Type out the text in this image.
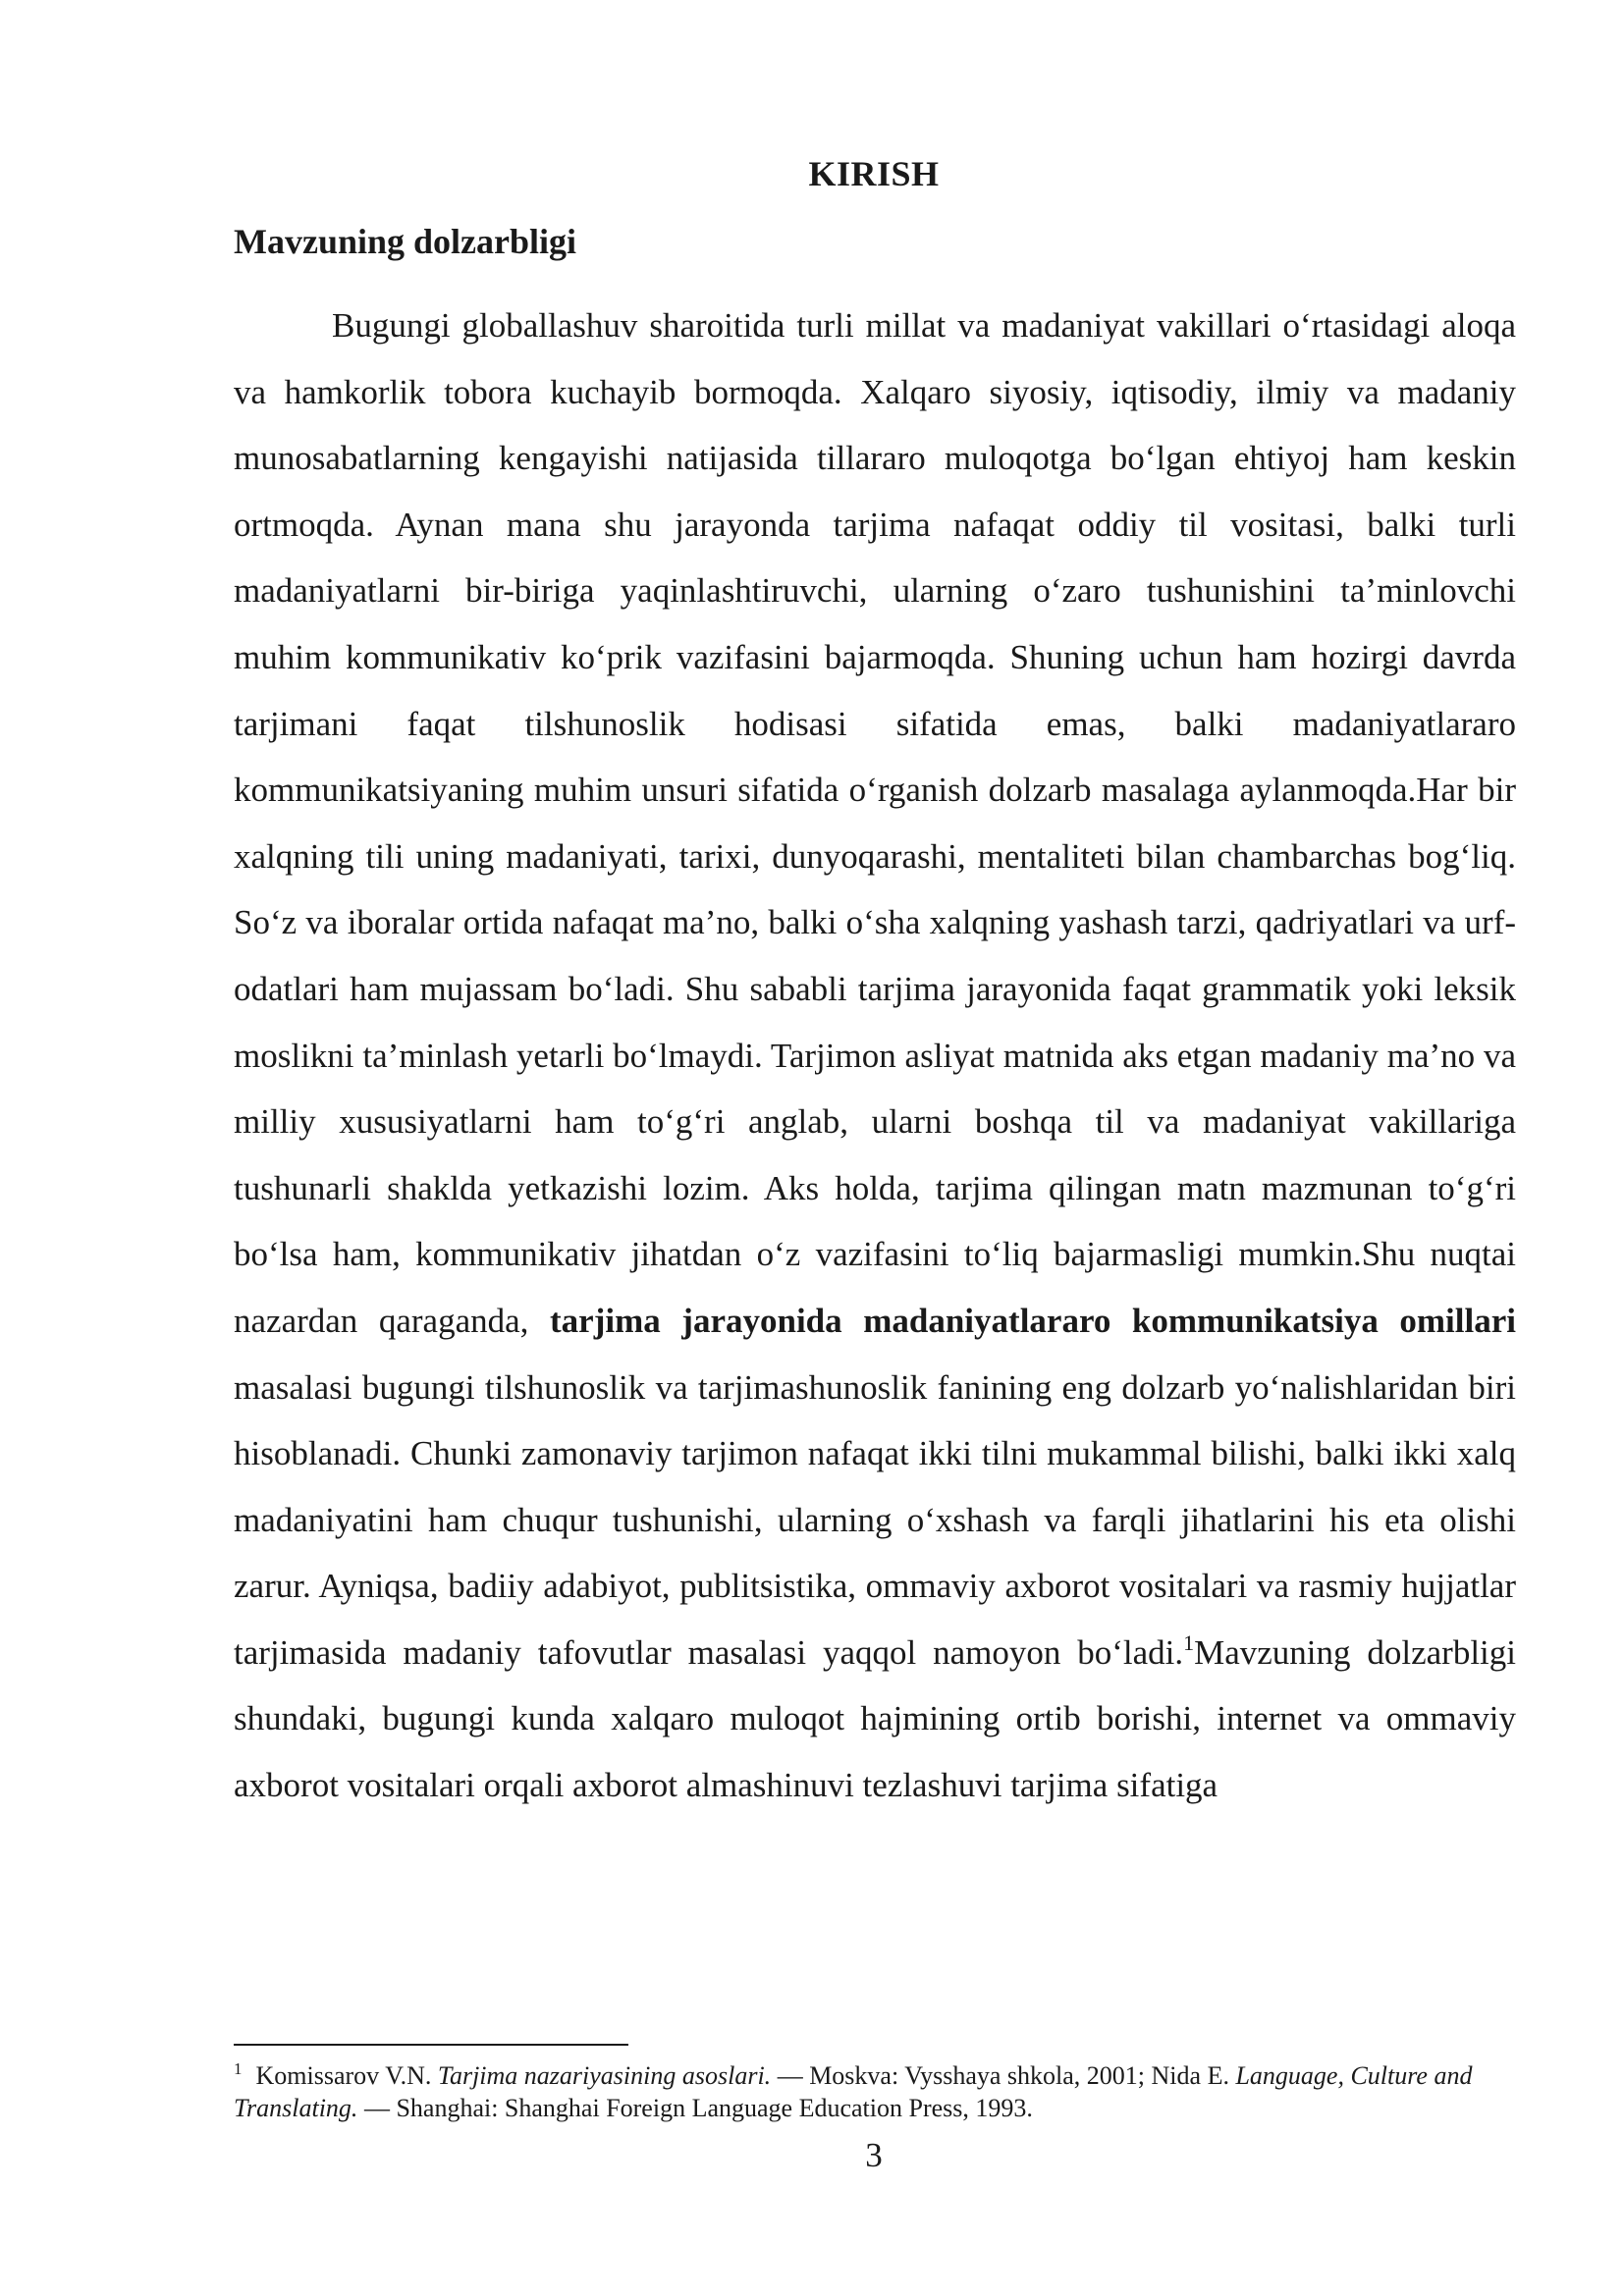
KIRISH
Mavzuning dolzarbligi

Bugungi globallashuv sharoitida turli millat va madaniyat vakillari o‘rtasidagi aloqa va hamkorlik tobora kuchayib bormoqda. Xalqaro siyosiy, iqtisodiy, ilmiy va madaniy munosabatlarning kengayishi natijasida tillararo muloqotga bo‘lgan ehtiyoj ham keskin ortmoqda. Aynan mana shu jarayonda tarjima nafaqat oddiy til vositasi, balki turli madaniyatlarni bir-biriga yaqinlashtiruvchi, ularning o‘zaro tushunishini ta’minlovchi muhim kommunikativ ko‘prik vazifasini bajarmoqda. Shuning uchun ham hozirgi davrda tarjimani faqat tilshunoslik hodisasi sifatida emas, balki madaniyatlararo kommunikatsiyaning muhim unsuri sifatida o‘rganish dolzarb masalaga aylanmoqda.Har bir xalqning tili uning madaniyati, tarixi, dunyoqarashi, mentaliteti bilan chambarchas bog‘liq. So‘z va iboralar ortida nafaqat ma’no, balki o‘sha xalqning yashash tarzi, qadriyatlari va urf-odatlari ham mujassam bo‘ladi. Shu sababli tarjima jarayonida faqat grammatik yoki leksik moslikni ta’minlash yetarli bo‘lmaydi. Tarjimon asliyat matnida aks etgan madaniy ma’no va milliy xususiyatlarni ham to‘g‘ri anglab, ularni boshqa til va madaniyat vakillariga tushunarli shaklda yetkazishi lozim. Aks holda, tarjima qilingan matn mazmunan to‘g‘ri bo‘lsa ham, kommunikativ jihatdan o‘z vazifasini to‘liq bajarmasligi mumkin.Shu nuqtai nazardan qaraganda, tarjima jarayonida madaniyatlararo kommunikatsiya omillari masalasi bugungi tilshunoslik va tarjimashunoslik fanining eng dolzarb yo‘nalishlaridan biri hisoblanadi. Chunki zamonaviy tarjimon nafaqat ikki tilni mukammal bilishi, balki ikki xalq madaniyatini ham chuqur tushunishi, ularning o‘xshash va farqli jihatlarini his eta olishi zarur. Ayniqsa, badiiy adabiyot, publitsistika, ommaviy axborot vositalari va rasmiy hujjatlar tarjimasida madaniy tafovutlar masalasi yaqqol namoyon bo‘ladi.$^1$Mavzuning dolzarbligi shundaki, bugungi kunda xalqaro muloqot hajmining ortib borishi, internet va ommaviy axborot vositalari orqali axborot almashinuvi tezlashuvi tarjima sifatiga

$^1$ Komissarov V.N. Tarjima nazariyasining asoslari. — Moskva: Vysshaya shkola, 2001; Nida E. Language, Culture and Translating. — Shanghai: Shanghai Foreign Language Education Press, 1993.

3
